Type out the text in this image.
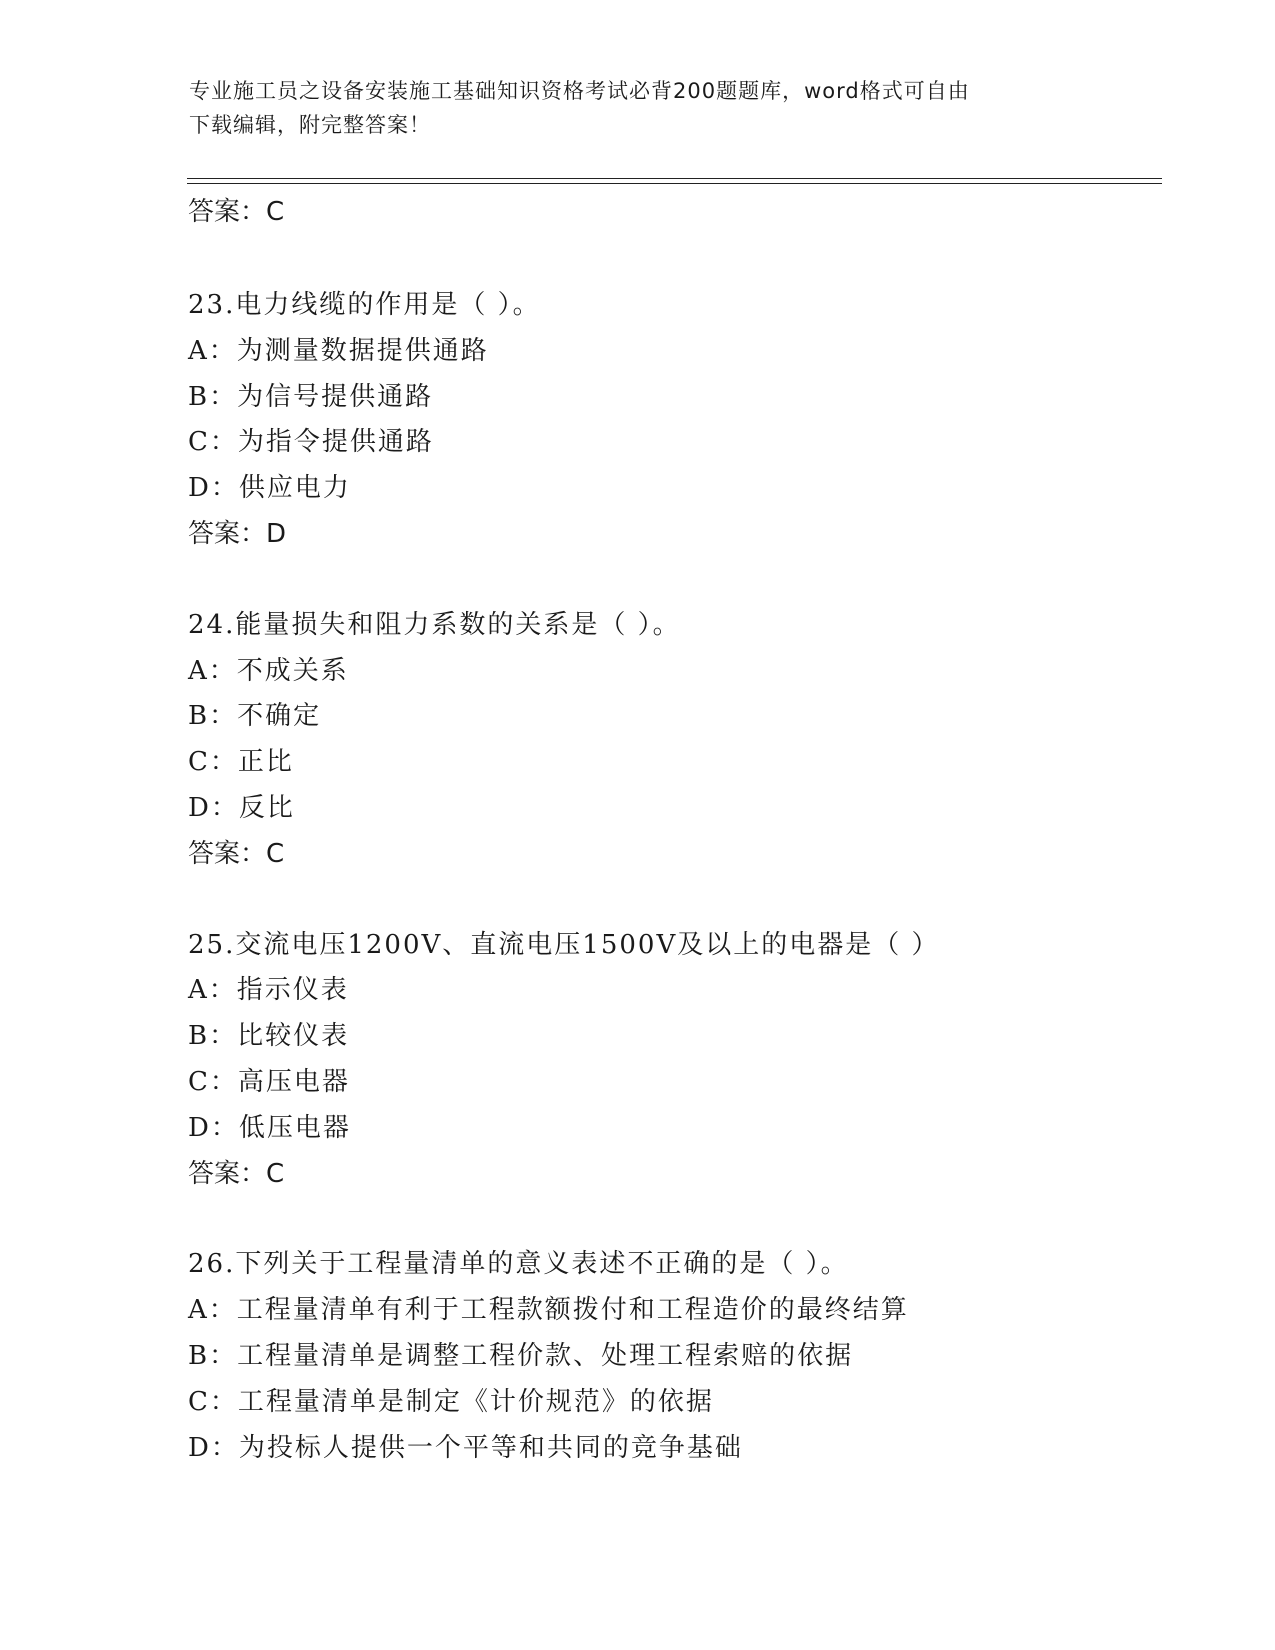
专业施工员之设备安装施工基础知识资格考试必背200题题库，word格式可自由
下载编辑，附完整答案！
答案：C
23.电力线缆的作用是（ ）。
A：为测量数据提供通路
B：为信号提供通路
C：为指令提供通路
D：供应电力
答案：D
24.能量损失和阻力系数的关系是（ ）。
A：不成关系
B：不确定
C：正比
D：反比
答案：C
25.交流电压1200V、直流电压1500V及以上的电器是（ ）
A：指示仪表
B：比较仪表
C：高压电器
D：低压电器
答案：C
26.下列关于工程量清单的意义表述不正确的是（ ）。
A：工程量清单有利于工程款额拨付和工程造价的最终结算
B：工程量清单是调整工程价款、处理工程索赔的依据
C：工程量清单是制定《计价规范》的依据
D：为投标人提供一个平等和共同的竞争基础
